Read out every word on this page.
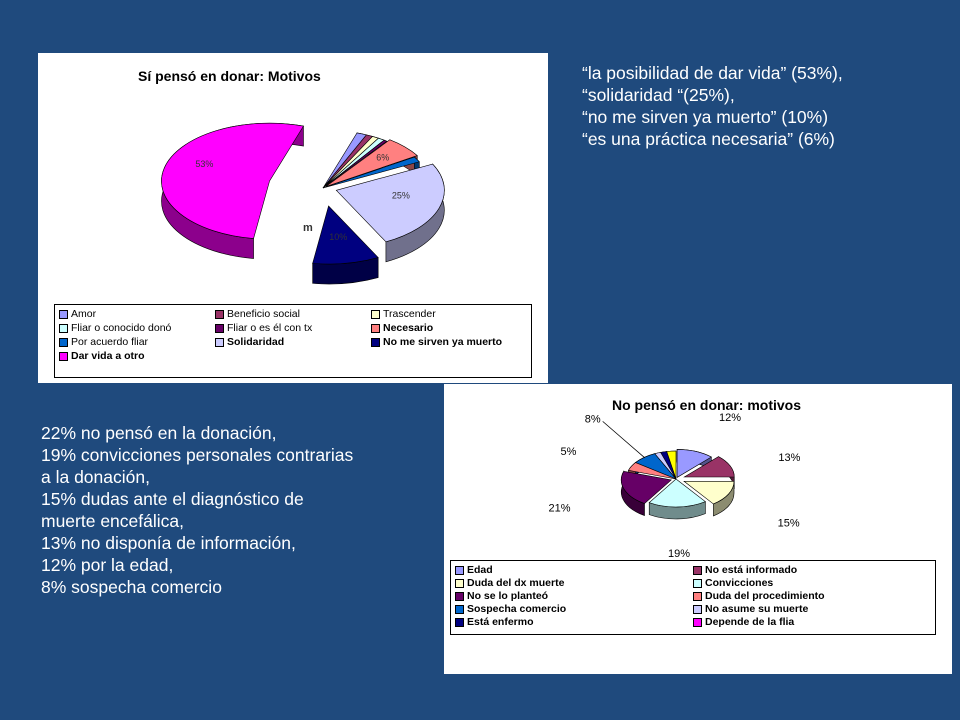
Sí pensó en donar: Motivos
53%
6%
25%
10%
m
Amor	Beneficio social	Trascender
Fliar o conocido donó	Fliar o es él con tx	Necesario
Por acuerdo fliar	Solidaridad	No me sirven ya muerto
Dar vida a otro
No pensó en donar: motivos
12%
13%
15%
19%
21%
5%
8%
Edad	No está informado
Duda del dx muerte	Convicciones
No se lo planteó	Duda del procedimiento
Sospecha comercio	No asume su muerte
Está enfermo	Depende de la flia
“la posibilidad de dar vida” (53%),
“solidaridad “(25%),
“no me sirven ya muerto” (10%)
“es una práctica necesaria” (6%)
22% no pensó en la donación,
19% convicciones personales contrarias
a la donación,
15% dudas ante el diagnóstico de
muerte encefálica,
13% no disponía de información,
12% por la edad,
8% sospecha comercio
